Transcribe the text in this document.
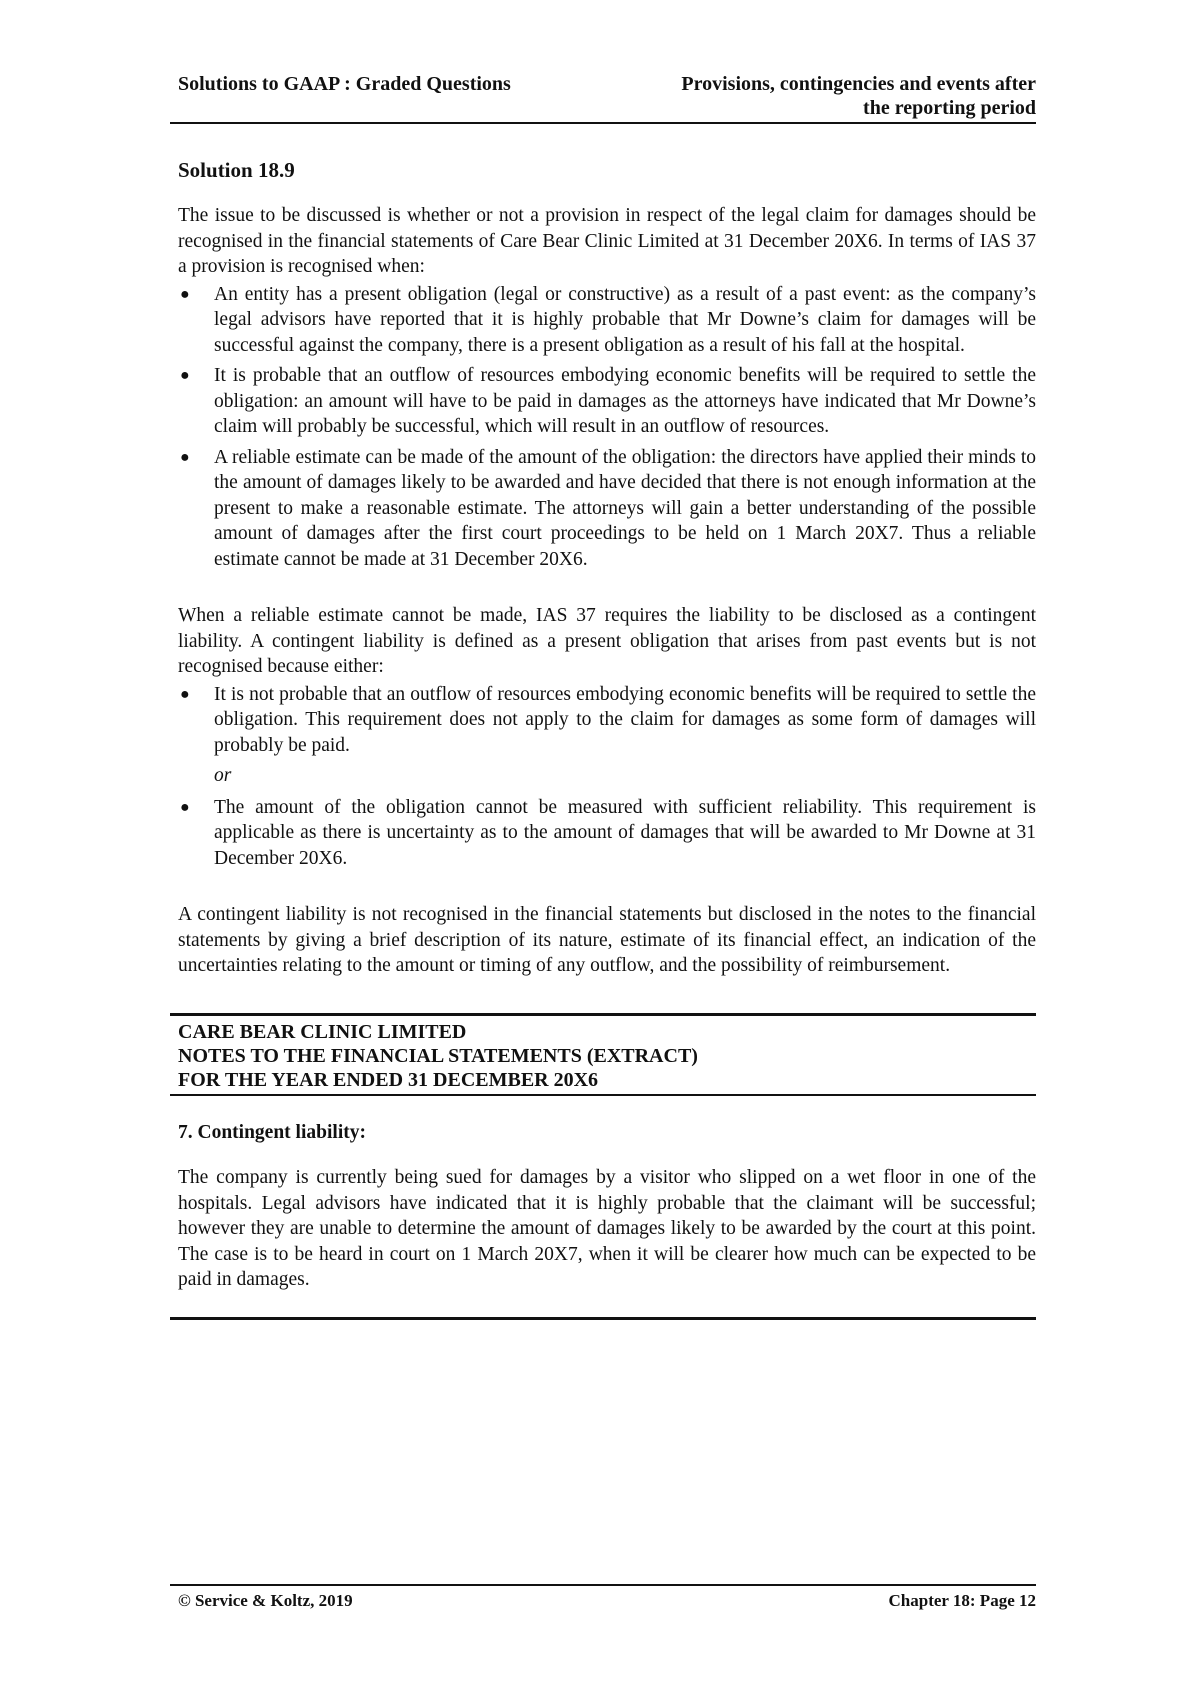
Solutions to GAAP : Graded Questions	Provisions, contingencies and events after
the reporting period
Solution 18.9

The issue to be discussed is whether or not a provision in respect of the legal claim for damages should be recognised in the financial statements of Care Bear Clinic Limited at 31 December 20X6. In terms of IAS 37 a provision is recognised when:

● An entity has a present obligation (legal or constructive) as a result of a past event: as the company’s legal advisors have reported that it is highly probable that Mr Downe’s claim for damages will be successful against the company, there is a present obligation as a result of his fall at the hospital.
● It is probable that an outflow of resources embodying economic benefits will be required to settle the obligation: an amount will have to be paid in damages as the attorneys have indicated that Mr Downe’s claim will probably be successful, which will result in an outflow of resources.
● A reliable estimate can be made of the amount of the obligation: the directors have applied their minds to the amount of damages likely to be awarded and have decided that there is not enough information at the present to make a reasonable estimate. The attorneys will gain a better understanding of the possible amount of damages after the first court proceedings to be held on 1 March 20X7. Thus a reliable estimate cannot be made at 31 December 20X6.

When a reliable estimate cannot be made, IAS 37 requires the liability to be disclosed as a contingent liability. A contingent liability is defined as a present obligation that arises from past events but is not recognised because either:

● It is not probable that an outflow of resources embodying economic benefits will be required to settle the obligation. This requirement does not apply to the claim for damages as some form of damages will probably be paid.
or
● The amount of the obligation cannot be measured with sufficient reliability. This requirement is applicable as there is uncertainty as to the amount of damages that will be awarded to Mr Downe at 31 December 20X6.

A contingent liability is not recognised in the financial statements but disclosed in the notes to the financial statements by giving a brief description of its nature, estimate of its financial effect, an indication of the uncertainties relating to the amount or timing of any outflow, and the possibility of reimbursement.

CARE BEAR CLINIC LIMITED
NOTES TO THE FINANCIAL STATEMENTS (EXTRACT)
FOR THE YEAR ENDED 31 DECEMBER 20X6
7. Contingent liability:

The company is currently being sued for damages by a visitor who slipped on a wet floor in one of the hospitals. Legal advisors have indicated that it is highly probable that the claimant will be successful; however they are unable to determine the amount of damages likely to be awarded by the court at this point. The case is to be heard in court on 1 March 20X7, when it will be clearer how much can be expected to be paid in damages.

© Service & Koltz, 2019	Chapter 18: Page 12
